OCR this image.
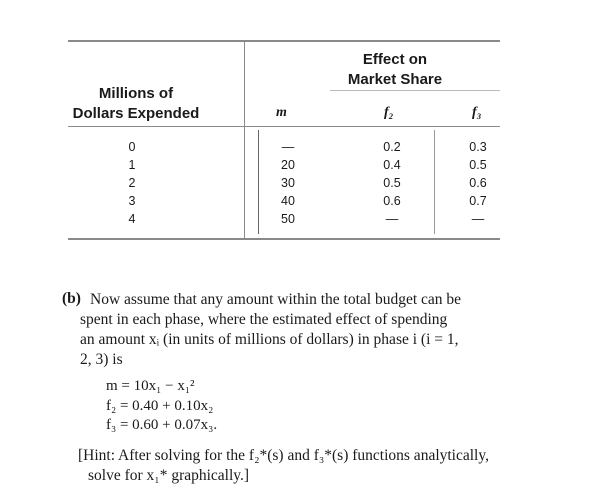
Millions of
Dollars Expended
Effect on
Market Share
m	f₂	f₃
0	—	0.2	0.3
1	20	0.4	0.5
2	30	0.5	0.6
3	40	0.6	0.7
4	50	—	—
(b) Now assume that any amount within the total budget can be
spent in each phase, where the estimated effect of spending
an amount xᵢ (in units of millions of dollars) in phase i (i = 1,
2, 3) is
m = 10x₁ − x₁²
f₂ = 0.40 + 0.10x₂
f₃ = 0.60 + 0.07x₃.
[Hint: After solving for the f₂*(s) and f₃*(s) functions analytically,
solve for x₁* graphically.]
